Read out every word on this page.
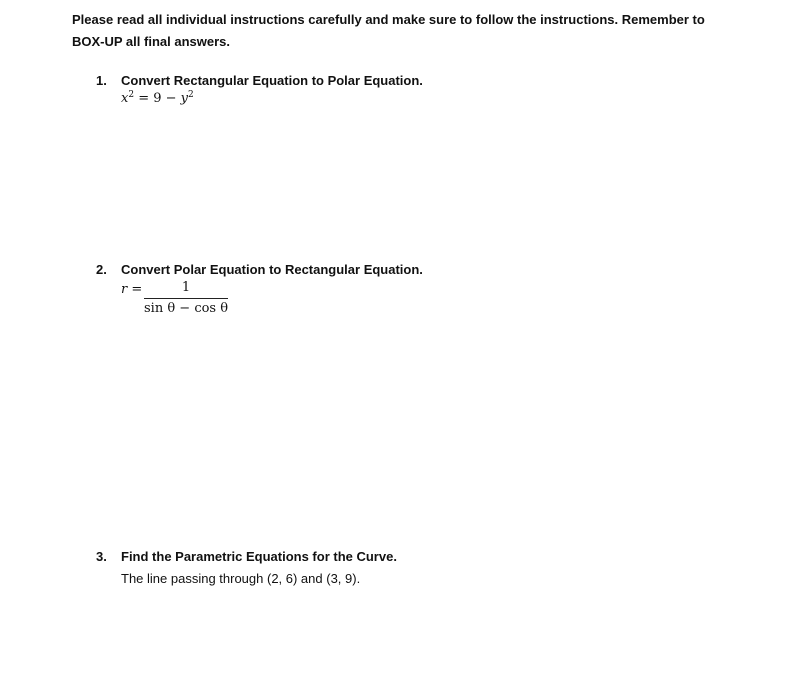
Please read all individual instructions carefully and make sure to follow the instructions. Remember to
BOX-UP all final answers.
1. Convert Rectangular Equation to Polar Equation.
$x^2 = 9 - y^2$
2. Convert Polar Equation to Rectangular Equation.
r =	1
sin θ − cos θ
3. Find the Parametric Equations for the Curve.
The line passing through (2, 6) and (3, 9).
